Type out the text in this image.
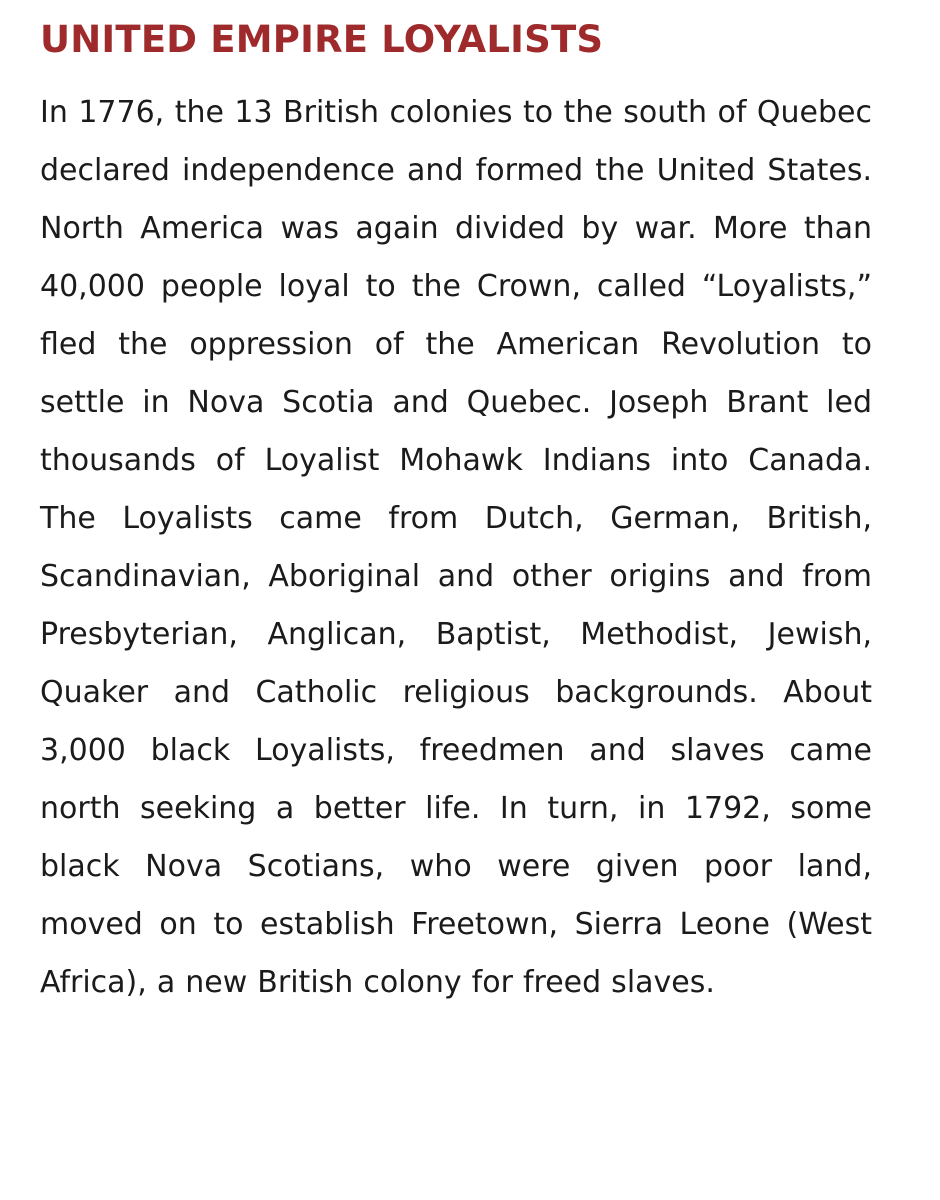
UNITED EMPIRE LOYALISTS

In 1776, the 13 British colonies to the south of Quebec declared independence and formed the United States. North America was again divided by war. More than 40,000 people loyal to the Crown, called “Loyalists,” fled the oppression of the American Revolution to settle in Nova Scotia and Quebec. Joseph Brant led thousands of Loyalist Mohawk Indians into Canada. The Loyalists came from Dutch, German, British, Scandinavian, Aboriginal and other origins and from Presbyterian, Anglican, Baptist, Methodist, Jewish, Quaker and Catholic religious backgrounds. About 3,000 black Loyalists, freedmen and slaves came north seeking a better life. In turn, in 1792, some black Nova Scotians, who were given poor land, moved on to establish Freetown, Sierra Leone (West Africa), a new British colony for freed slaves.
